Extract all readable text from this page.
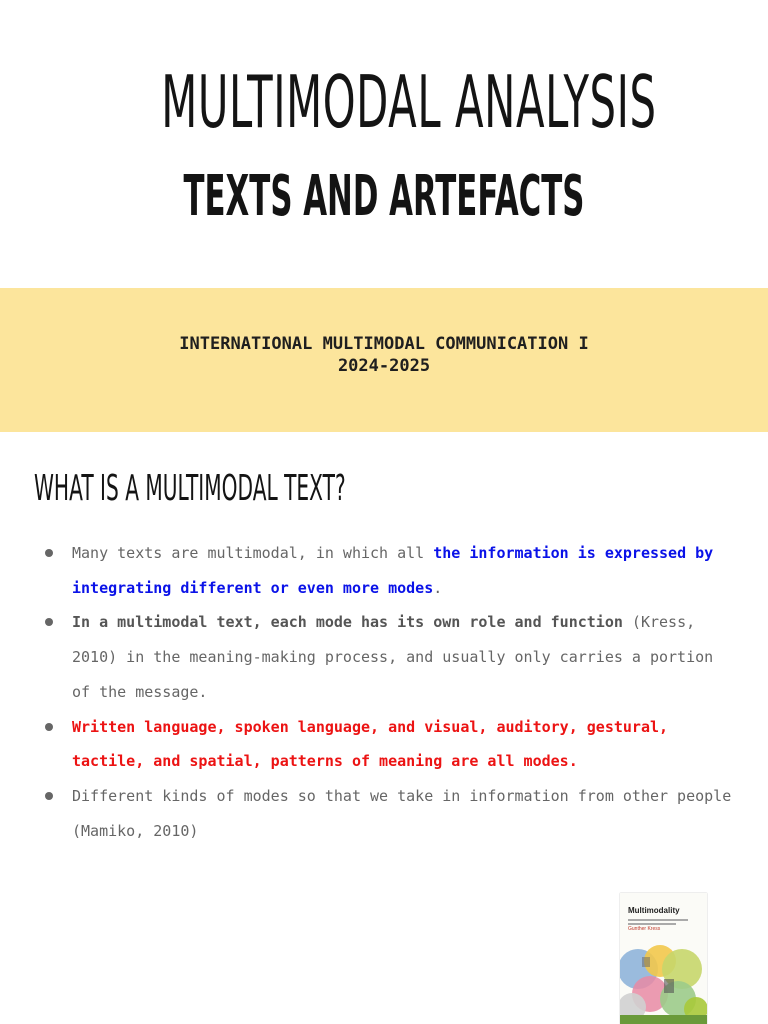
MULTIMODAL ANALYSIS
TEXTS AND ARTEFACTS
INTERNATIONAL MULTIMODAL COMMUNICATION I
2024-2025
WHAT IS A MULTIMODAL TEXT?
Many texts are multimodal, in which all the information is expressed by integrating different or even more modes.
In a multimodal text, each mode has its own role and function (Kress, 2010) in the meaning-making process, and usually only carries a portion of the message.
Written language, spoken language, and visual, auditory, gestural, tactile, and spatial, patterns of meaning are all modes.
Different kinds of modes so that we take in information from other people (Mamiko, 2010)
Multimodality
Gunther Kress
